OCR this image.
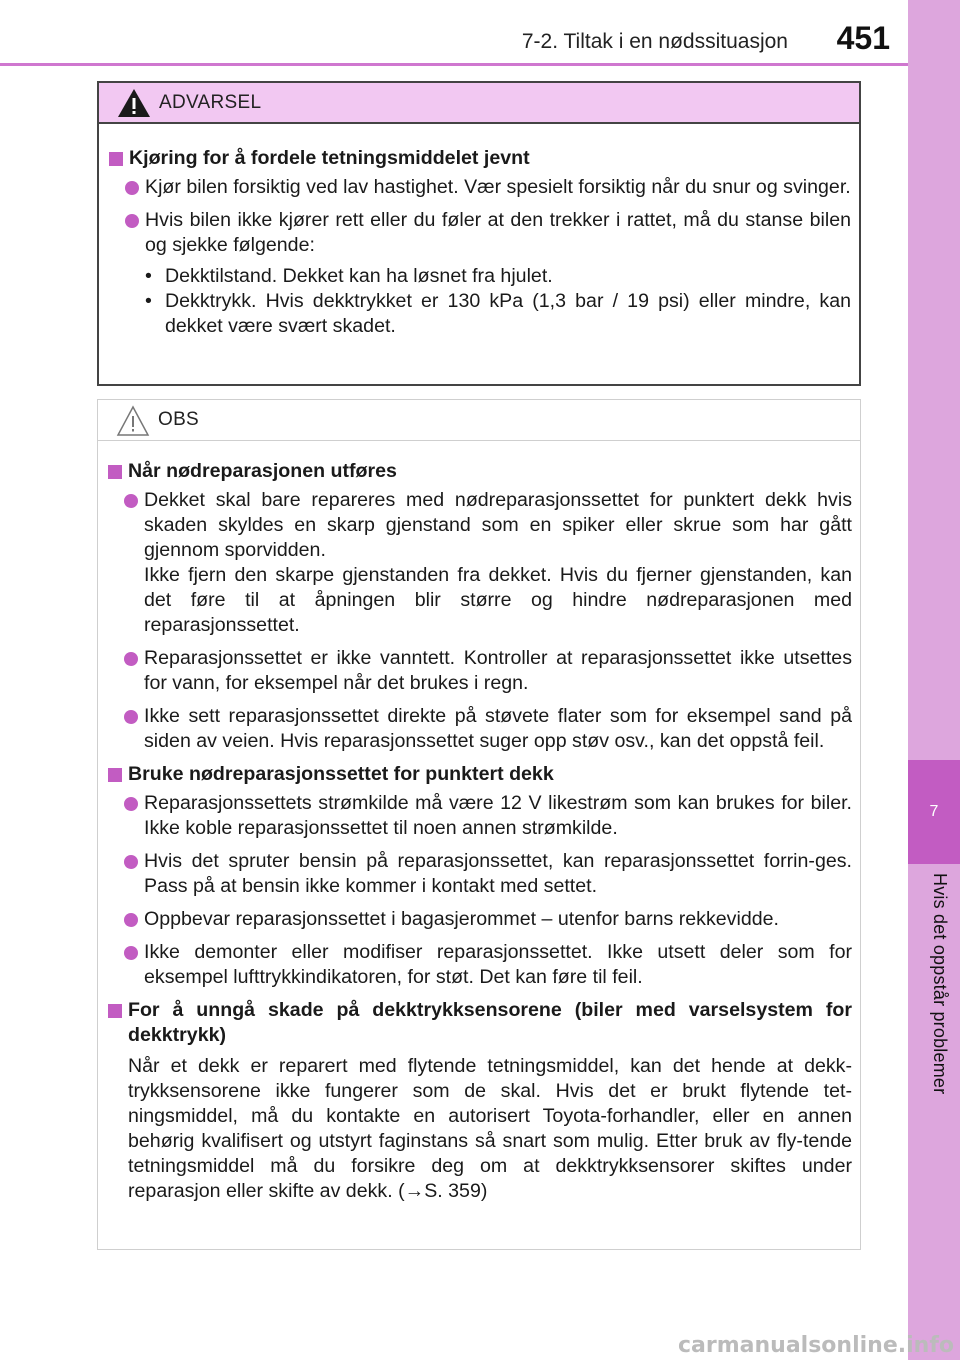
7-2. Tiltak i en nødssituasjon 451
7
Hvis det oppstår problemer
ADVARSEL
Kjøring for å fordele tetningsmiddelet jevnt
Kjør bilen forsiktig ved lav hastighet. Vær spesielt forsiktig når du snur og svinger.
Hvis bilen ikke kjører rett eller du føler at den trekker i rattet, må du stanse bilen og sjekke følgende:
• Dekktilstand. Dekket kan ha løsnet fra hjulet.
• Dekktrykk. Hvis dekktrykket er 130 kPa (1,3 bar / 19 psi) eller mindre, kan dekket være svært skadet.
OBS
Når nødreparasjonen utføres
Dekket skal bare repareres med nødreparasjonssettet for punktert dekk hvis skaden skyldes en skarp gjenstand som en spiker eller skrue som har gått gjennom sporvidden.
Ikke fjern den skarpe gjenstanden fra dekket. Hvis du fjerner gjenstanden, kan det føre til at åpningen blir større og hindre nødreparasjonen med reparasjonssettet.
Reparasjonssettet er ikke vanntett. Kontroller at reparasjonssettet ikke utsettes for vann, for eksempel når det brukes i regn.
Ikke sett reparasjonssettet direkte på støvete flater som for eksempel sand på siden av veien. Hvis reparasjonssettet suger opp støv osv., kan det oppstå feil.
Bruke nødreparasjonssettet for punktert dekk
Reparasjonssettets strømkilde må være 12 V likestrøm som kan brukes for biler. Ikke koble reparasjonssettet til noen annen strømkilde.
Hvis det spruter bensin på reparasjonssettet, kan reparasjonssettet forrin-ges. Pass på at bensin ikke kommer i kontakt med settet.
Oppbevar reparasjonssettet i bagasjerommet – utenfor barns rekkevidde.
Ikke demonter eller modifiser reparasjonssettet. Ikke utsett deler som for eksempel lufttrykkindikatoren, for støt. Det kan føre til feil.
For å unngå skade på dekktrykksensorene (biler med varselsystem for dekktrykk)
Når et dekk er reparert med flytende tetningsmiddel, kan det hende at dekk-trykksensorene ikke fungerer som de skal. Hvis det er brukt flytende tet-ningsmiddel, må du kontakte en autorisert Toyota-forhandler, eller en annen behørig kvalifisert og utstyrt faginstans så snart som mulig. Etter bruk av fly-tende tetningsmiddel må du forsikre deg om at dekktrykksensorer skiftes under reparasjon eller skifte av dekk. (→S. 359)
carmanualsonline.info
